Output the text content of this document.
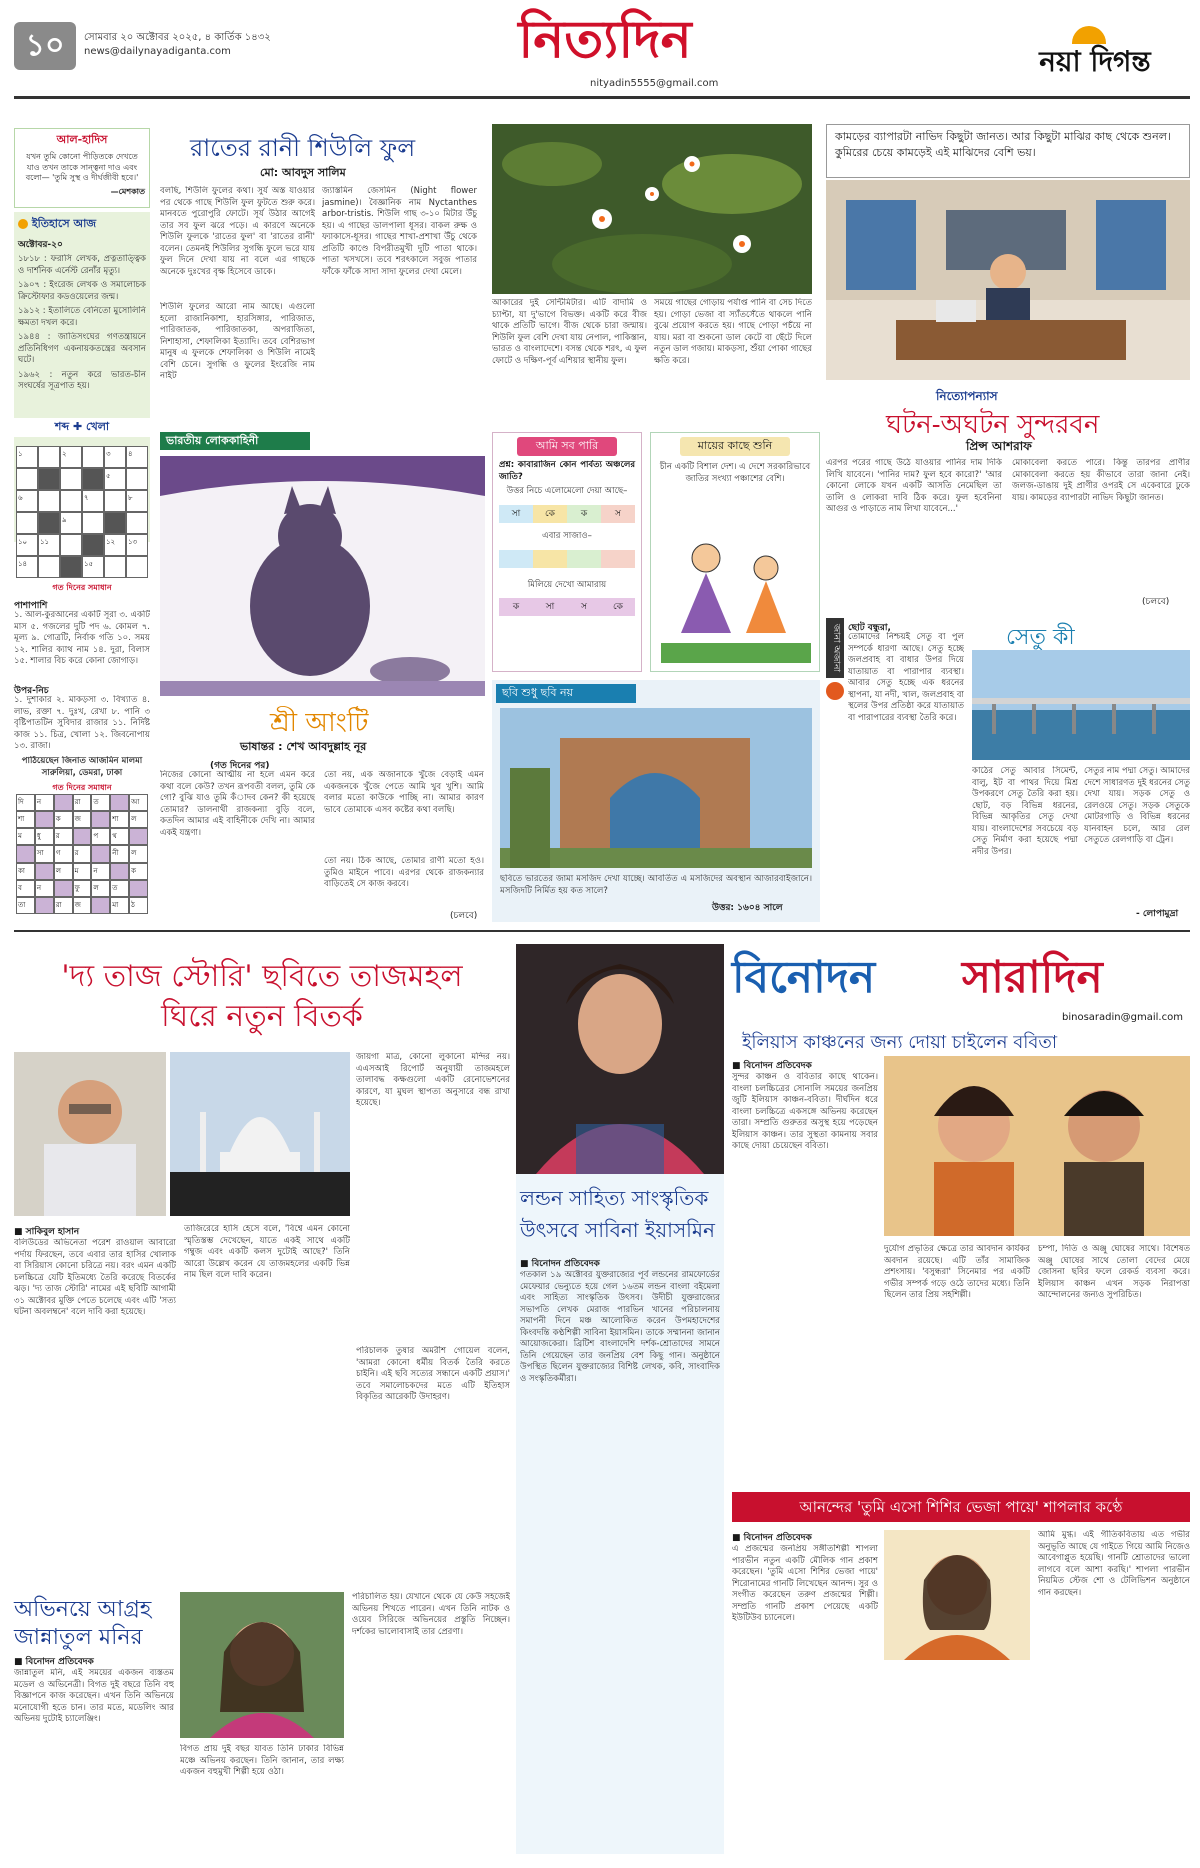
১০	সোমবার ২০ অক্টোবর ২০২৫, ৪ কার্তিক ১৪৩২
news@dailynayadiganta.com	নিত্যদিন
nityadin5555@gmail.com
নয়া দিগন্ত
আল-হাদিস
যখন তুমি কোনো পীড়িতকে দেখতে যাও তখন তাকে সান্ত্বনা দাও এবং বলো— 'তুমি সুস্থ ও দীর্ঘজীবী হবে।'
—মেশকাত
ইতিহাসে আজ
অক্টোবর-২০
১৮১৮ : ফরাসি লেখক, প্রত্নতাত্ত্বিক ও দার্শনিক এর্নেস্ট রেনাঁর মৃত্যু।
১৯০৭ : ইংরেজ লেখক ও সমালোচক ক্রিস্টোফার কডওয়েলের জন্ম।
১৯১২ : ইতালিতে বেনিতো মুসোলিনি ক্ষমতা দখল করে।
১৯৪৪ : জাতিসংঘের গণতন্ত্রায়নে প্রতিনিধিগণ একনায়কতন্ত্রের অবসান ঘটে।
১৯৬২ : নতুন করে ভারত-চীন সংঘর্ষের সূত্রপাত হয়।
শব্দ ✚ খেলা
১	২	৩	৪
৫
৬	৭	৮
৯
১০	১১	১২	১৩
১৪	১৫
গত দিনের সমাধান
পাশাপাশি
১. আল-কুরআনের একটি সূরা ৩. একটি মাস ৫. গজলের দুটি পদ ৬. কোমল ৭. মূল্য ৯. গোত্রটি, নির্বাক গতি ১০. সময় ১২. শালির ক্যাথ নাম ১৪. দুরা, বিলাস ১৫. শালার বিচ করে কোনা জোগাড়।
উপর-নিচ
১. দুশাকার ২. মাকড়সা ৩. বিখ্যাত ৪. লাভ, রক্তা ৭. দুঃখ, রেখা ৮. পানি ৩ বৃষ্টিপাতটিন সুবিদার রাজার ১১. নির্দিষ্ট কাজ ১১. চিত্র, খোলা ১২. জিবনোপায় ১৩. রাজা।
পাঠিয়েছেন জিনাত আজমিন মালমা সারুলিয়া, ডেমরা, ঢাকা
গত দিনের সমাধান
দি	ন	রা	ত	আ
শা	ক	জ	শা	ল
ম	ধু	র	প	থ
সা	গ	র	নী	ল
কা	ল	ম	ন	ক
ব	ন	ফু	ল	ত
তা	রা	জ	মা	ঠ
রাতের রানী শিউলি ফুল
মো: আবদুস সালিম
বলছি, শিউলি ফুলের কথা। সুর্য অস্ত যাওয়ার পর থেকে গাছে শিউলি ফুল ফুটতে শুরু করে। মানবতে পুরোপুরি ফোটে। সূর্য উঠার আগেই তার সব ফুল ঝরে পড়ে। এ কারণে অনেকে শিউলি ফুলকে 'রাতের ফুল' বা 'রাতের রানী' বলেন। তেমনই শিউলির সুগন্ধি ফুলে ভরে যায় ফুল দিনে দেখা যায় না বলে এর গাছকে অনেকে দুঃখের বৃক্ষ হিসেবে ডাকে।
শিউলি ফুলের আরো নাম আছে। এগুলো হলো রাজানিকাশা, হারসিঙ্গার, পারিজাত, পারিজাতক, পারিজাতকা, অপরাজিতা, নিশাহাসা, শেফালিকা ইত্যাদি। তবে বেশিরভাগ মানুষ এ ফুলকে শেফালিকা ও শিউলি নামেই বেশি চেনে। সুগন্ধি ও ফুলের ইংরেজি নাম নাইট
জ্যাস্তমিন জেসমিন (Night flower jasmine)। বৈজ্ঞানিক নাম Nyctanthes arbor-tristis. শিউলি গাছ ৩-১০ মিটার উঁচু হয়। এ গাছের ডালপালা ধূসর। বাকল রুক্ষ ও ফ্যাকাসে-ধূসর। গাছের শাখা-প্রশাখা উঁচু থেকে প্রতিটি কাণ্ডে বিপরীতমুখী দুটি পাতা থাকে। পাতা খসখসে। তবে শরৎকালে সবুজ পাতার ফাঁকে ফাঁকে সাদা সাদা ফুলের দেখা মেলে।
আকারের দুই সেন্টিমিটার। এটি বাদামি ও চ্যাপ্টা, যা দু'ভাগে বিভক্ত। একটি করে বীজ থাকে প্রতিটি ভাগে। বীজ থেকে চারা জন্মায়। শিউলি ফুল বেশি দেখা যায় নেপাল, পাকিস্তান, ভারত ও বাংলাদেশে। বসন্ত থেকে শরৎ, এ ফুল ফোটে ও দক্ষিণ-পূর্ব এশিয়ার স্থানীয় ফুল।
সময়ে গাছের গোড়ায় পর্যাপ্ত পানি বা সেচ দিতে হয়। গোড়া ভেজা বা স্যাঁতসেঁতে থাকলে পানি বুঝে প্রয়োগ করতে হয়। গাছে পোড়া পচঁয়ে না যায়। মরা বা শুকনো ডাল কেটে বা ছেঁটে দিলে নতুন ডাল গজায়। মাকড়সা, শুঁয়া পোকা গাছের ক্ষতি করে।
কামড়ের ব্যাপারটা নাভিদ কিছুটা জানত। আর কিছুটা মাঝির কাছ থেকে শুনল। কুমিরের চেয়ে কামড়েই এই মাঝিদের বেশি ভয়।
নিত্যোপন্যাস
ঘটন-অঘটন সুন্দরবন
প্রিন্স আশরাফ
এরপর পরের গাছে উঠে যাওয়ার পানির দাম দিকি লিখি যাবেনে। 'পানির দাম? ফুল হবে কারো?' 'আর কোনো লোকে যখন একটি আসতি নেমেছিল তা তালি ও লোকরা দাবি ঠিক করে। ফুল হবেনিনা আগুর ও পাড়াতে নাম লিখা যাবেনে...'
মোকাবেলা করতে পারে। কিন্তু তারপর প্রাণীর মোকাবেলা করতে হয় কীভাবে তারা জানা নেই। জলজ-ডাঙায় দুই প্রাণীর ওপরই সে একেবারে ঢুকে যায়। কামড়ের ব্যাপারটা নাভিদ কিছুটা জানত।
(চলবে)
ভারতীয় লোককাহিনী
শ্রী আংটি
ভাষান্তর : শেখ আবদুল্লাহ নূর
(গত দিনের পর)
নিজের কোনো আত্মীয় না হলে এমন করে কথা বলে কেউ? তখন রূপবতী বলল, তুমি কে গো? বুঝি যাও তুমি কঁাদব কেন? কী হয়েছে তোমার? ডালনাথী রাজকন্যা বুড়ি বলে, কতদিন আমার এই বাহিনীকে দেখি না। আমার একই যন্ত্রণা।
তো নয়, এক অজানাকে খুঁজে বেড়াই এমন একজনকে খুঁজে পেতে আমি খুব খুশি। আমি বলার মতো কাউকে পাচ্ছি না। আমার কারণ ভাবে তোমাকে এসব কষ্টের কথা বলছি।
তো নয়। ঠিক আছে, তোমার রাণী মতো হও। তুমিও মাইনে পাবে। এরপর থেকে রাজকন্যার বাড়িতেই সে কাজ করবে।
(চলবে)
আমি সব পারি
প্রশ্ন: কাবারাজিন কোন পার্বত্য অঞ্চলের জাতি?
উত্তর নিচে এলোমেলো দেয়া আছে–
সা	কে	ক	স
এবার সাজাও–
মিলিয়ে দেখো আমারায়
ক	সা	স	কে
মায়ের কাছে শুনি
চীন একটি বিশাল দেশ। এ দেশে সরকারিভাবে জাতির সংখ্যা পঞ্চাশের বেশি।
ছবি শুধু ছবি নয়
ছবিতে ভারতের জামা মসজিদ দেখা যাচ্ছে। আবর্তিত এ মসজিদের অবস্থান আজারবাইজানে। মসজিদটি নির্মিত হয় কত সালে?
উত্তর: ১৬০৪ সালে
জানা অজানা ছোট বন্ধুরা,
তোমাদের নিশ্চয়ই সেতু বা পুল সম্পর্কে ধারণা আছে। সেতু হচ্ছে জলপ্রবাহ বা বাধার উপর দিয়ে যাতায়াত বা পারাপার ব্যবস্থা। আবার সেতু হচ্ছে এক ধরনের স্থাপনা, যা নদী, খাল, জলপ্রবাহ বা স্থলের উপর প্রতিষ্ঠা করে যাতায়াত বা পারাপারের ব্যবস্থা তৈরি করে।
সেতু কী
কাঠের সেতু আবার সিমেন্ট, বালু, ইট বা পাথর দিয়ে মিশ্র উপকরণে সেতু তৈরি করা হয়। ছোট, বড় বিভিন্ন ধরনের, বিভিন্ন আকৃতির সেতু দেখা যায়। বাংলাদেশের সবচেয়ে বড় সেতু নির্মাণ করা হয়েছে পদ্মা নদীর উপর।
সেতুর নাম পদ্মা সেতু। আমাদের দেশে সাধারণত দুই ধরনের সেতু দেখা যায়। সড়ক সেতু ও রেলওয়ে সেতু। সড়ক সেতুকে মোটরগাড়ি ও বিভিন্ন ধরনের যানবাহন চলে, আর রেল সেতুতে রেলগাড়ি বা ট্রেন।
- লোপামুদ্রা
'দ্য তাজ স্টোরি' ছবিতে তাজমহল
ঘিরে নতুন বিতর্ক
জায়গা মাত্র, কোনো লুকানো মন্দির নয়। এএসআই রিপোর্ট অনুযায়ী তাজমহলে তালাবদ্ধ কক্ষগুলো একটি রেনোভেশনের কারণে, যা মুঘল স্থাপত্য অনুসারে বন্ধ রাখা হয়েছে।
■ সাকিবুল হাসান
বলিউডের অভিনেতা পরেশ রাওয়াল আবারো পর্দায় ফিরছেন, তবে এবার তার হাসির খোলাক বা সিরিয়াস কোনো চরিত্রে নয়। বরং এমন একটি চলচ্চিত্রে যেটি ইতিমধ্যে তৈরি করেছে বিতর্কের ঝড়। 'দ্য তাজ স্টোরি' নামের এই ছবিটি আগামী ৩১ অক্টোবর মুক্তি পেতে চলেছে এবং এটি 'সত্য ঘটনা অবলম্বনে' বলে দাবি করা হয়েছে।
তাজিরেরে হাসি হেসে বলে, 'বিশ্বে এমন কোনো স্মৃতিস্তম্ভ দেখেছেন, যাতে একই সাথে একটি গম্বুজ এবং একটি কলস দুটোই আছে?' তিনি আরো উল্লেখ করেন যে তাজমহলের একটি ভিন্ন নাম ছিল বলে দাবি করেন।
পরিচালক তুষার অমরীশ গোয়েল বলেন, 'আমরা কোনো ধর্মীয় বিতর্ক তৈরি করতে চাইনি। এই ছবি সত্যের সন্ধানে একটি প্রয়াস।' তবে সমালোচকদের মতে এটি ইতিহাস বিকৃতির আরেকটি উদাহরণ।
লন্ডন সাহিত্য সাংস্কৃতিক
উৎসবে সাবিনা ইয়াসমিন
■ বিনোদন প্রতিবেদক
গতকাল ১৯ অক্টোবর যুক্তরাজ্যের পূর্ব লন্ডনের রামফোর্ডের মেফেয়ার ভেন্যুতে হয়ে গেল ১৬তম লন্ডন বাংলা বইমেলা এবং সাহিত্য সাংস্কৃতিক উৎসব। উদীচী যুক্তরাজ্যের সভাপতি লেখক মেরাজ পারভিন খানের পরিচালনায় সমাপনী দিনে মঞ্চ আলোকিত করেন উপমহাদেশের কিংবদন্তি কণ্ঠশিল্পী সাবিনা ইয়াসমিন। তাকে সম্মাননা জানান আয়োজকেরা। ব্রিটিশ বাংলাদেশি দর্শক-শ্রোতাদের সামনে তিনি গেয়েছেন তার জনপ্রিয় বেশ কিছু গান। অনুষ্ঠানে উপস্থিত ছিলেন যুক্তরাজ্যের বিশিষ্ট লেখক, কবি, সাংবাদিক ও সংস্কৃতিকর্মীরা।
বিনোদন সারাদিন
binosaradin@gmail.com
ইলিয়াস কাঞ্চনের জন্য দোয়া চাইলেন ববিতা
■ বিনোদন প্রতিবেদক
সুন্দর কাঞ্চন ও ববিতার কাছে থাকেন। বাংলা চলচ্চিত্রের সোনালি সময়ের জনপ্রিয় জুটি ইলিয়াস কাঞ্চন-ববিতা। দীর্ঘদিন ধরে বাংলা চলচ্চিত্রে একসঙ্গে অভিনয় করেছেন তারা। সম্প্রতি গুরুতর অসুস্থ হয়ে পড়েছেন ইলিয়াস কাঞ্চন। তার সুস্থতা কামনায় সবার কাছে দোয়া চেয়েছেন ববিতা।
দুর্যোগ প্রভৃতির ক্ষেত্রে তার আবদান কার্যকর অবদান রয়েছে। এটি তাঁর সামাজিক প্রশংসায়। 'বসুন্ধরা' সিনেমার পর একটি গভীর সম্পর্ক গড়ে ওঠে তাদের মধ্যে। তিনি ছিলেন তার প্রিয় সহশিল্পী।
চম্পা, দিতি ও অঞ্জু ঘোষের সাথে। বিশেষত অঞ্জু ঘোষের সাথে তোলা বেদের মেয়ে জোসনা ছবির ফলে রেকর্ড ব্যবসা করে। ইলিয়াস কাঞ্চন এখন সড়ক নিরাপত্তা আন্দোলনের জন্যও সুপরিচিত।
আনন্দের 'তুমি এসো শিশির ভেজা পায়ে' শাপলার কণ্ঠে
■ বিনোদন প্রতিবেদক
এ প্রজন্মের জনপ্রিয় সঙ্গীতশিল্পী শাপলা পারভীন নতুন একটি মৌলিক গান প্রকাশ করেছেন। 'তুমি এসো শিশির ভেজা পায়ে' শিরোনামের গানটি লিখেছেন আনন্দ। সুর ও সংগীত করেছেন তরুণ প্রজন্মের শিল্পী। সম্প্রতি গানটি প্রকাশ পেয়েছে একটি ইউটিউব চ্যানেলে।
আমি মুগ্ধ। এই গীতিকবিতায় এত গভীর অনুভূতি আছে যে গাইতে গিয়ে আমি নিজেও আবেগাপ্লুত হয়েছি। গানটি শ্রোতাদের ভালো লাগবে বলে আশা করছি।' শাপলা পারভীন নিয়মিত স্টেজ শো ও টেলিভিশন অনুষ্ঠানে গান করছেন।
অভিনয়ে আগ্রহ
জান্নাতুল মনির
■ বিনোদন প্রতিবেদক
জান্নাতুল মনি, এই সময়ের একজন ব্যস্ততম মডেল ও অভিনেত্রী। বিগত দুই বছরে তিনি বহু বিজ্ঞাপনে কাজ করেছেন। এখন তিনি অভিনয়ে মনোযোগী হতে চান। তার মতে, মডেলিং আর অভিনয় দুটোই চ্যালেঞ্জিং।
বিগত প্রায় দুই বছর যাবত তিনি ঢাকার বিভিন্ন মঞ্চে অভিনয় করছেন। তিনি জানান, তার লক্ষ্য একজন বহুমুখী শিল্পী হয়ে ওঠা।
পরিচালিত হয়। যেখানে থেকে যে কেউ সহজেই অভিনয় শিখতে পারেন। এখন তিনি নাটক ও ওয়েব সিরিজে অভিনয়ের প্রস্তুতি নিচ্ছেন। দর্শকের ভালোবাসাই তার প্রেরণা।
